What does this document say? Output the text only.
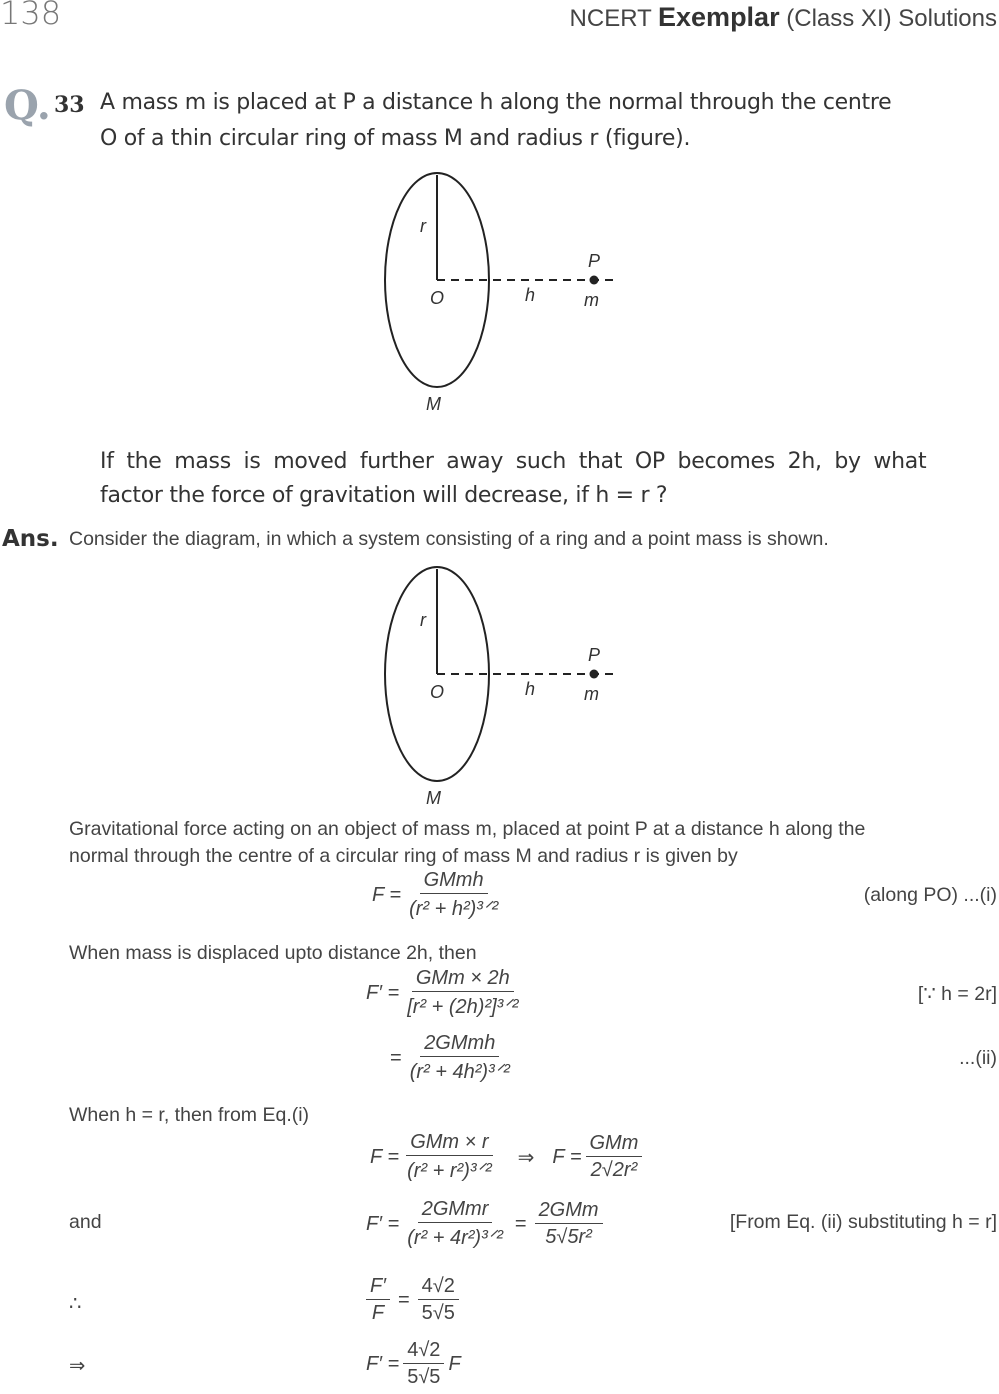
138	NCERT Exemplar (Class XI) Solutions
Q. 33 A mass m is placed at P a distance h along the normal through the centre
O of a thin circular ring of mass M and radius r (figure).
r
P
O	h	m
M
If the mass is moved further away such that OP becomes 2h, by what
factor the force of gravitation will decrease, if h = r ?
Ans. Consider the diagram, in which a system consisting of a ring and a point mass is shown.
r
P
O	h	m
M
Gravitational force acting on an object of mass m, placed at point P at a distance h along the
normal through the centre of a circular ring of mass M and radius r is given by
$F = \frac{\text{GMmh}}{\text{(r² + h²)³ᐟ²}}$	(along PO) ...(i)
When mass is displaced upto distance 2h, then
$F' = \frac{\text{GMm × 2h}}{\text{[r² + (2h)²]³ᐟ²}}$	[∵ h = 2r]
= $\frac{\text{2GMmh}}{\text{(r² + 4h²)³ᐟ²}}$	...(ii)
When h = r, then from Eq.(i)
$F = \frac{\text{GMm × r}}{\text{(r² + r²)³ᐟ²}}$ ⇒ $F = \frac{\text{GMm}}{\text{2√2r²}}$
and	$F' = \frac{\text{2GMmr}}{\text{(r² + 4r²)³ᐟ²}} = \frac{\text{2GMm}}{\text{5√5r²}}$	[From Eq. (ii) substituting h = r]
∴	$\frac{F'}{F} = \frac{4√2}{5√5}$
⇒	$F' = \frac{4√2}{5√5}$ F
